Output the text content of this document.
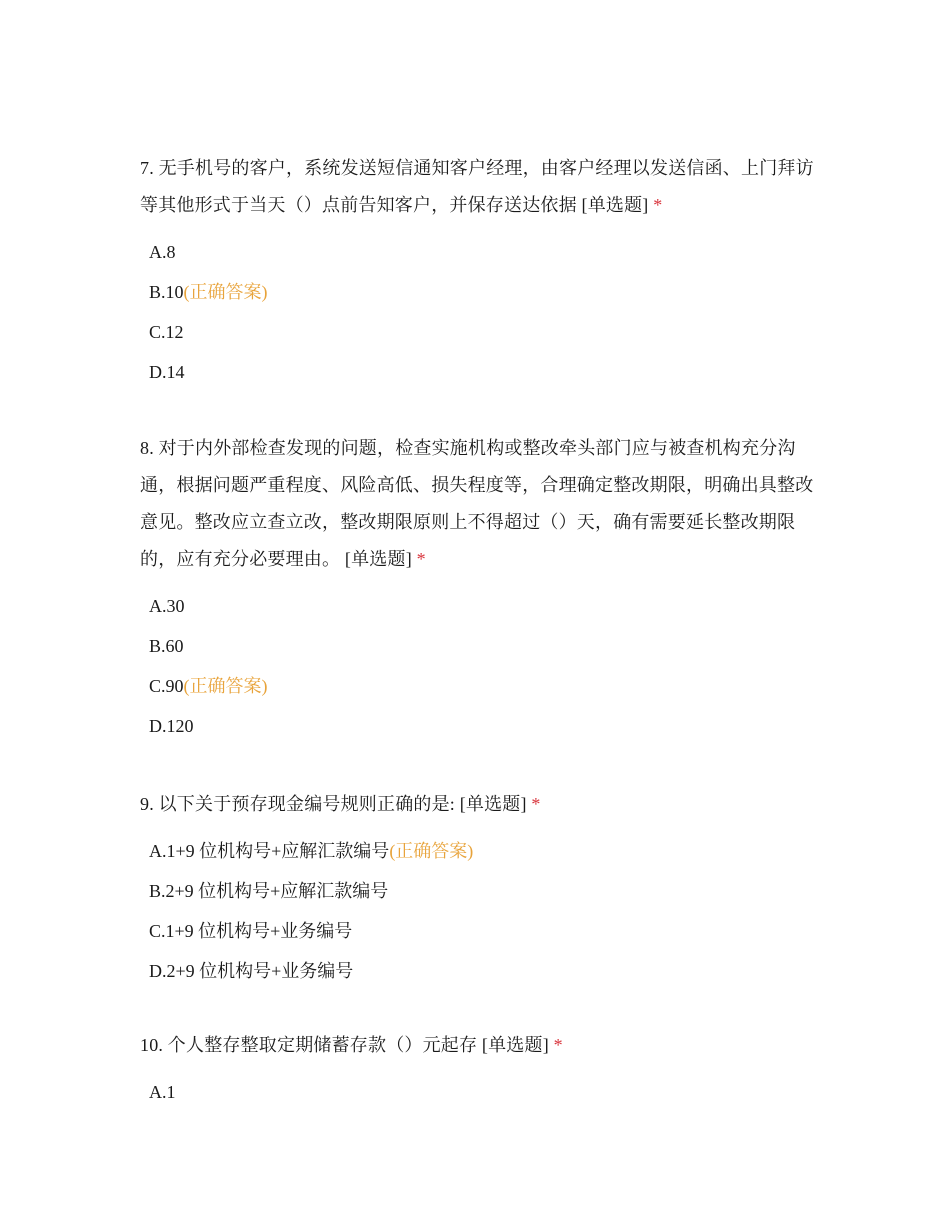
7. 无手机号的客户，系统发送短信通知客户经理，由客户经理以发送信函、上门拜访等其他形式于当天（）点前告知客户，并保存送达依据 [单选题] *

A.8
B.10(正确答案)
C.12
D.14

8. 对于内外部检查发现的问题，检查实施机构或整改牵头部门应与被查机构充分沟通，根据问题严重程度、风险高低、损失程度等，合理确定整改期限，明确出具整改意见。整改应立查立改，整改期限原则上不得超过（）天，确有需要延长整改期限的，应有充分必要理由。 [单选题] *

A.30
B.60
C.90(正确答案)
D.120

9. 以下关于预存现金编号规则正确的是: [单选题] *

A.1+9 位机构号+应解汇款编号(正确答案)
B.2+9 位机构号+应解汇款编号
C.1+9 位机构号+业务编号
D.2+9 位机构号+业务编号

10. 个人整存整取定期储蓄存款（）元起存 [单选题] *

A.1
